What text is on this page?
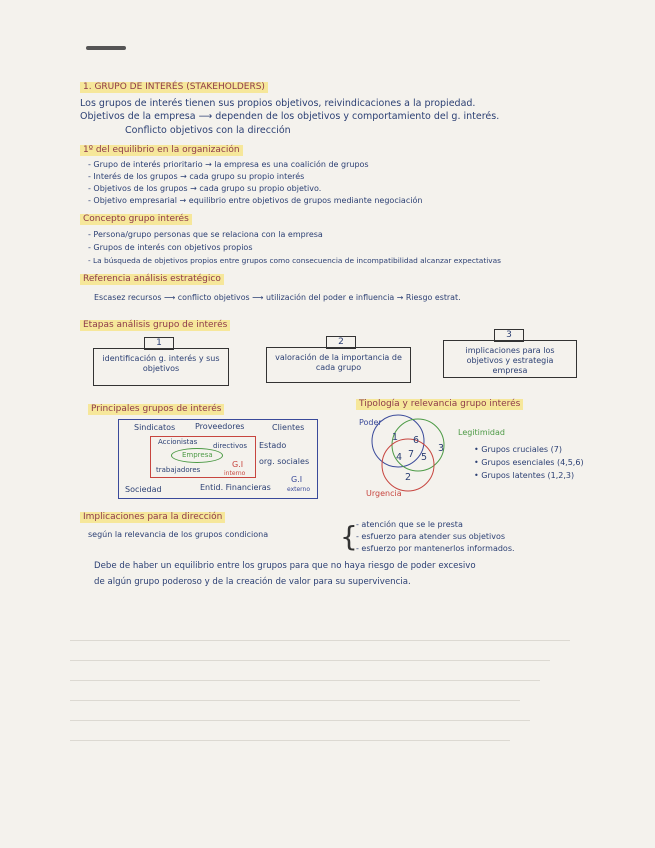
1. GRUPO DE INTERÉS (STAKEHOLDERS)
Los grupos de interés tienen sus propios objetivos, reivindicaciones a la propiedad.
Objetivos de la empresa ⟶ dependen de los objetivos y comportamiento del g. interés.
Conflicto objetivos con la dirección
1º del equilibrio en la organización
- Grupo de interés prioritario → la empresa es una coalición de grupos
- Interés de los grupos → cada grupo su propio interés
- Objetivos de los grupos → cada grupo su propio objetivo.
- Objetivo empresarial → equilibrio entre objetivos de grupos mediante negociación
Concepto grupo interés
- Persona/grupo personas que se relaciona con la empresa
- Grupos de interés con objetivos propios
- La búsqueda de objetivos propios entre grupos como consecuencia de incompatibilidad alcanzar expectativas
Referencia análisis estratégico
Escasez recursos ⟶ conflicto objetivos ⟶ utilización del poder e influencia → Riesgo estrat.
Etapas análisis grupo de interés
1
identificación g. interés y sus objetivos
2
valoración de la importancia de cada grupo
3
implicaciones para los objetivos y estrategia empresa
Principales grupos de interés
Sindicatos Proveedores	Clientes
Accionistas directivos Estado
Empresa
org. sociales
trabajadores
G.I
interno
Sociedad	Entid. Financieras
G.I
externo
Tipología y relevancia grupo interés
Poder
Legitimidad
Urgencia
1 6
4 7 5
3
2
• Grupos cruciales (7)
• Grupos esenciales (4,5,6)
• Grupos latentes (1,2,3)
Implicaciones para la dirección
según la relevancia de los grupos condiciona	{
- atención que se le presta
- esfuerzo para atender sus objetivos
- esfuerzo por mantenerlos informados.
Debe de haber un equilibrio entre los grupos para que no haya riesgo de poder excesivo
de algún grupo poderoso y de la creación de valor para su supervivencia.
